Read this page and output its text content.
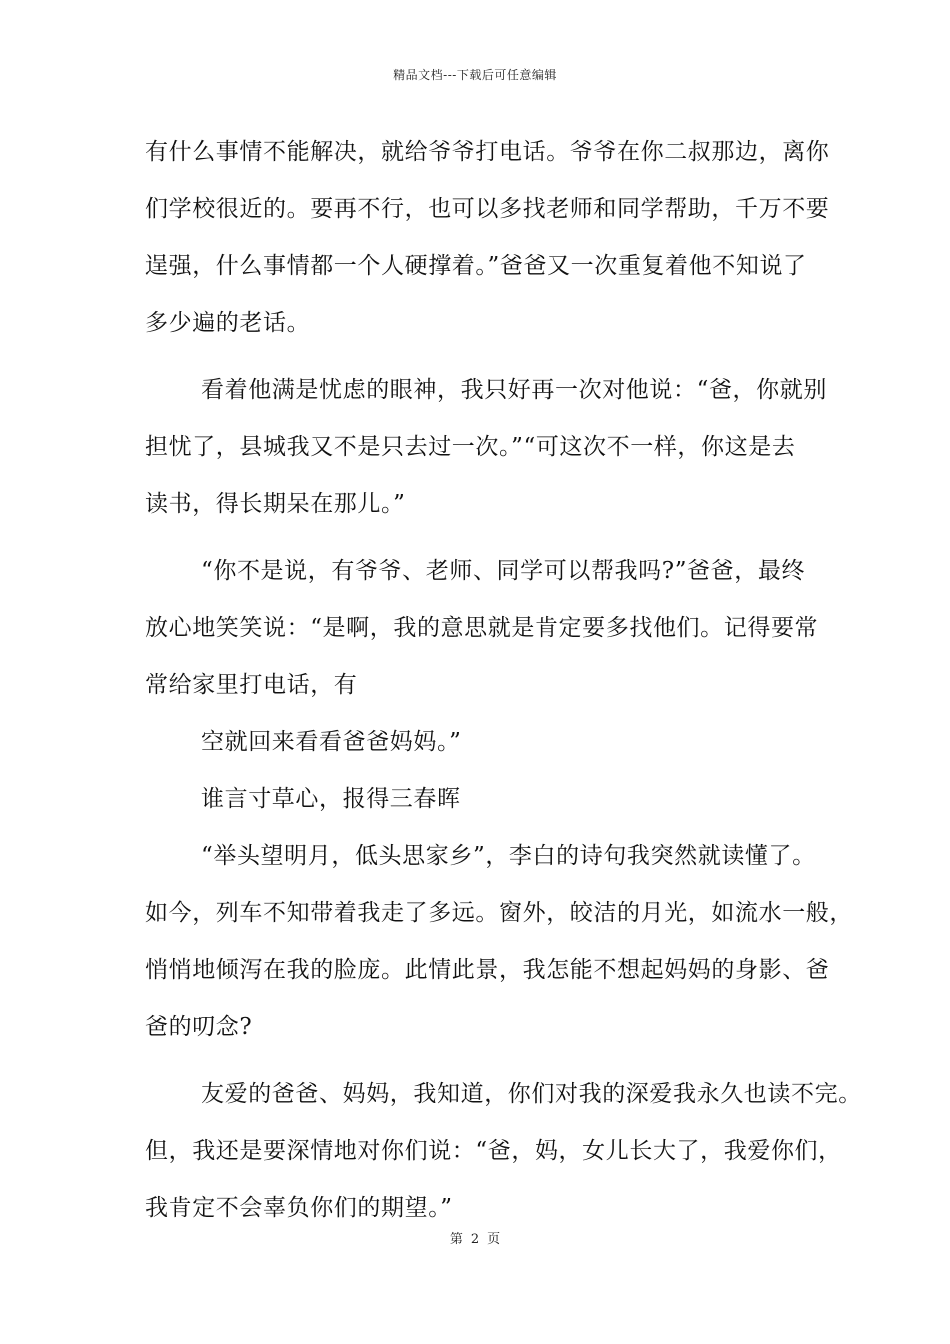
精品文档---下载后可任意编辑
有什么事情不能解决，就给爷爷打电话。爷爷在你二叔那边，离你
们学校很近的。要再不行，也可以多找老师和同学帮助，千万不要
逞强，什么事情都一个人硬撑着。”爸爸又一次重复着他不知说了
多少遍的老话。
看着他满是忧虑的眼神，我只好再一次对他说：“爸，你就别
担忧了，县城我又不是只去过一次。”“可这次不一样，你这是去
读书，得长期呆在那儿。”
“你不是说，有爷爷、老师、同学可以帮我吗?”爸爸，最终
放心地笑笑说：“是啊，我的意思就是肯定要多找他们。记得要常
常给家里打电话，有
空就回来看看爸爸妈妈。”
谁言寸草心，报得三春晖
“举头望明月，低头思家乡”，李白的诗句我突然就读懂了。
如今，列车不知带着我走了多远。窗外，皎洁的月光，如流水一般，
悄悄地倾泻在我的脸庞。此情此景，我怎能不想起妈妈的身影、爸
爸的叨念?
友爱的爸爸、妈妈，我知道，你们对我的深爱我永久也读不完。
但，我还是要深情地对你们说：“爸，妈，女儿长大了，我爱你们，
我肯定不会辜负你们的期望。”
第 2 页
